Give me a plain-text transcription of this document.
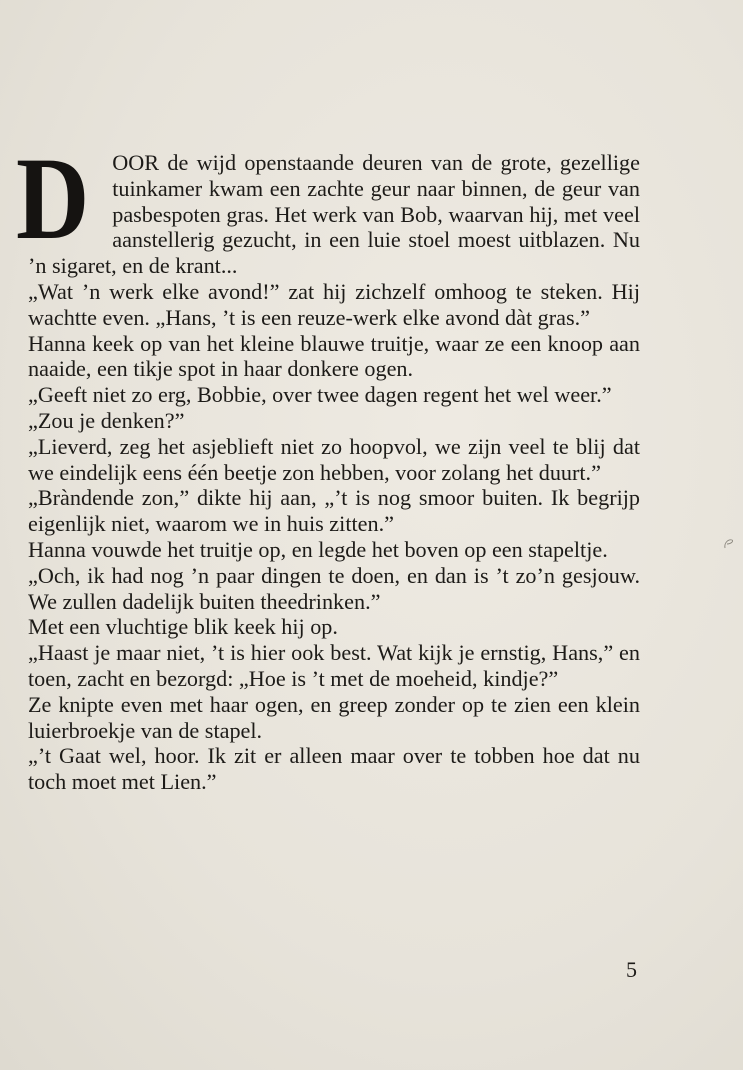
D OOR de wijd openstaande deuren van de grote, gezellige tuinkamer kwam een zachte geur naar binnen, de geur van pasbespoten gras. Het werk van Bob, waarvan hij, met veel aanstellerig gezucht, in een luie stoel moest uitblazen. Nu ’n sigaret, en de krant...

„Wat ’n werk elke avond!” zat hij zichzelf omhoog te steken. Hij wachtte even. „Hans, ’t is een reuze-werk elke avond dàt gras.”

Hanna keek op van het kleine blauwe truitje, waar ze een knoop aan naaide, een tikje spot in haar donkere ogen.

„Geeft niet zo erg, Bobbie, over twee dagen regent het wel weer.”

„Zou je denken?”

„Lieverd, zeg het asjeblieft niet zo hoopvol, we zijn veel te blij dat we eindelijk eens één beetje zon hebben, voor zolang het duurt.”

„Bràndende zon,” dikte hij aan, „’t is nog smoor buiten. Ik begrijp eigenlijk niet, waarom we in huis zitten.”

Hanna vouwde het truitje op, en legde het boven op een stapeltje.

„Och, ik had nog ’n paar dingen te doen, en dan is ’t zo’n gesjouw. We zullen dadelijk buiten theedrinken.”

Met een vluchtige blik keek hij op.

„Haast je maar niet, ’t is hier ook best. Wat kijk je ernstig, Hans,” en toen, zacht en bezorgd: „Hoe is ’t met de moeheid, kindje?”

Ze knipte even met haar ogen, en greep zonder op te zien een klein luierbroekje van de stapel.

„’t Gaat wel, hoor. Ik zit er alleen maar over te tobben hoe dat nu toch moet met Lien.”

5
